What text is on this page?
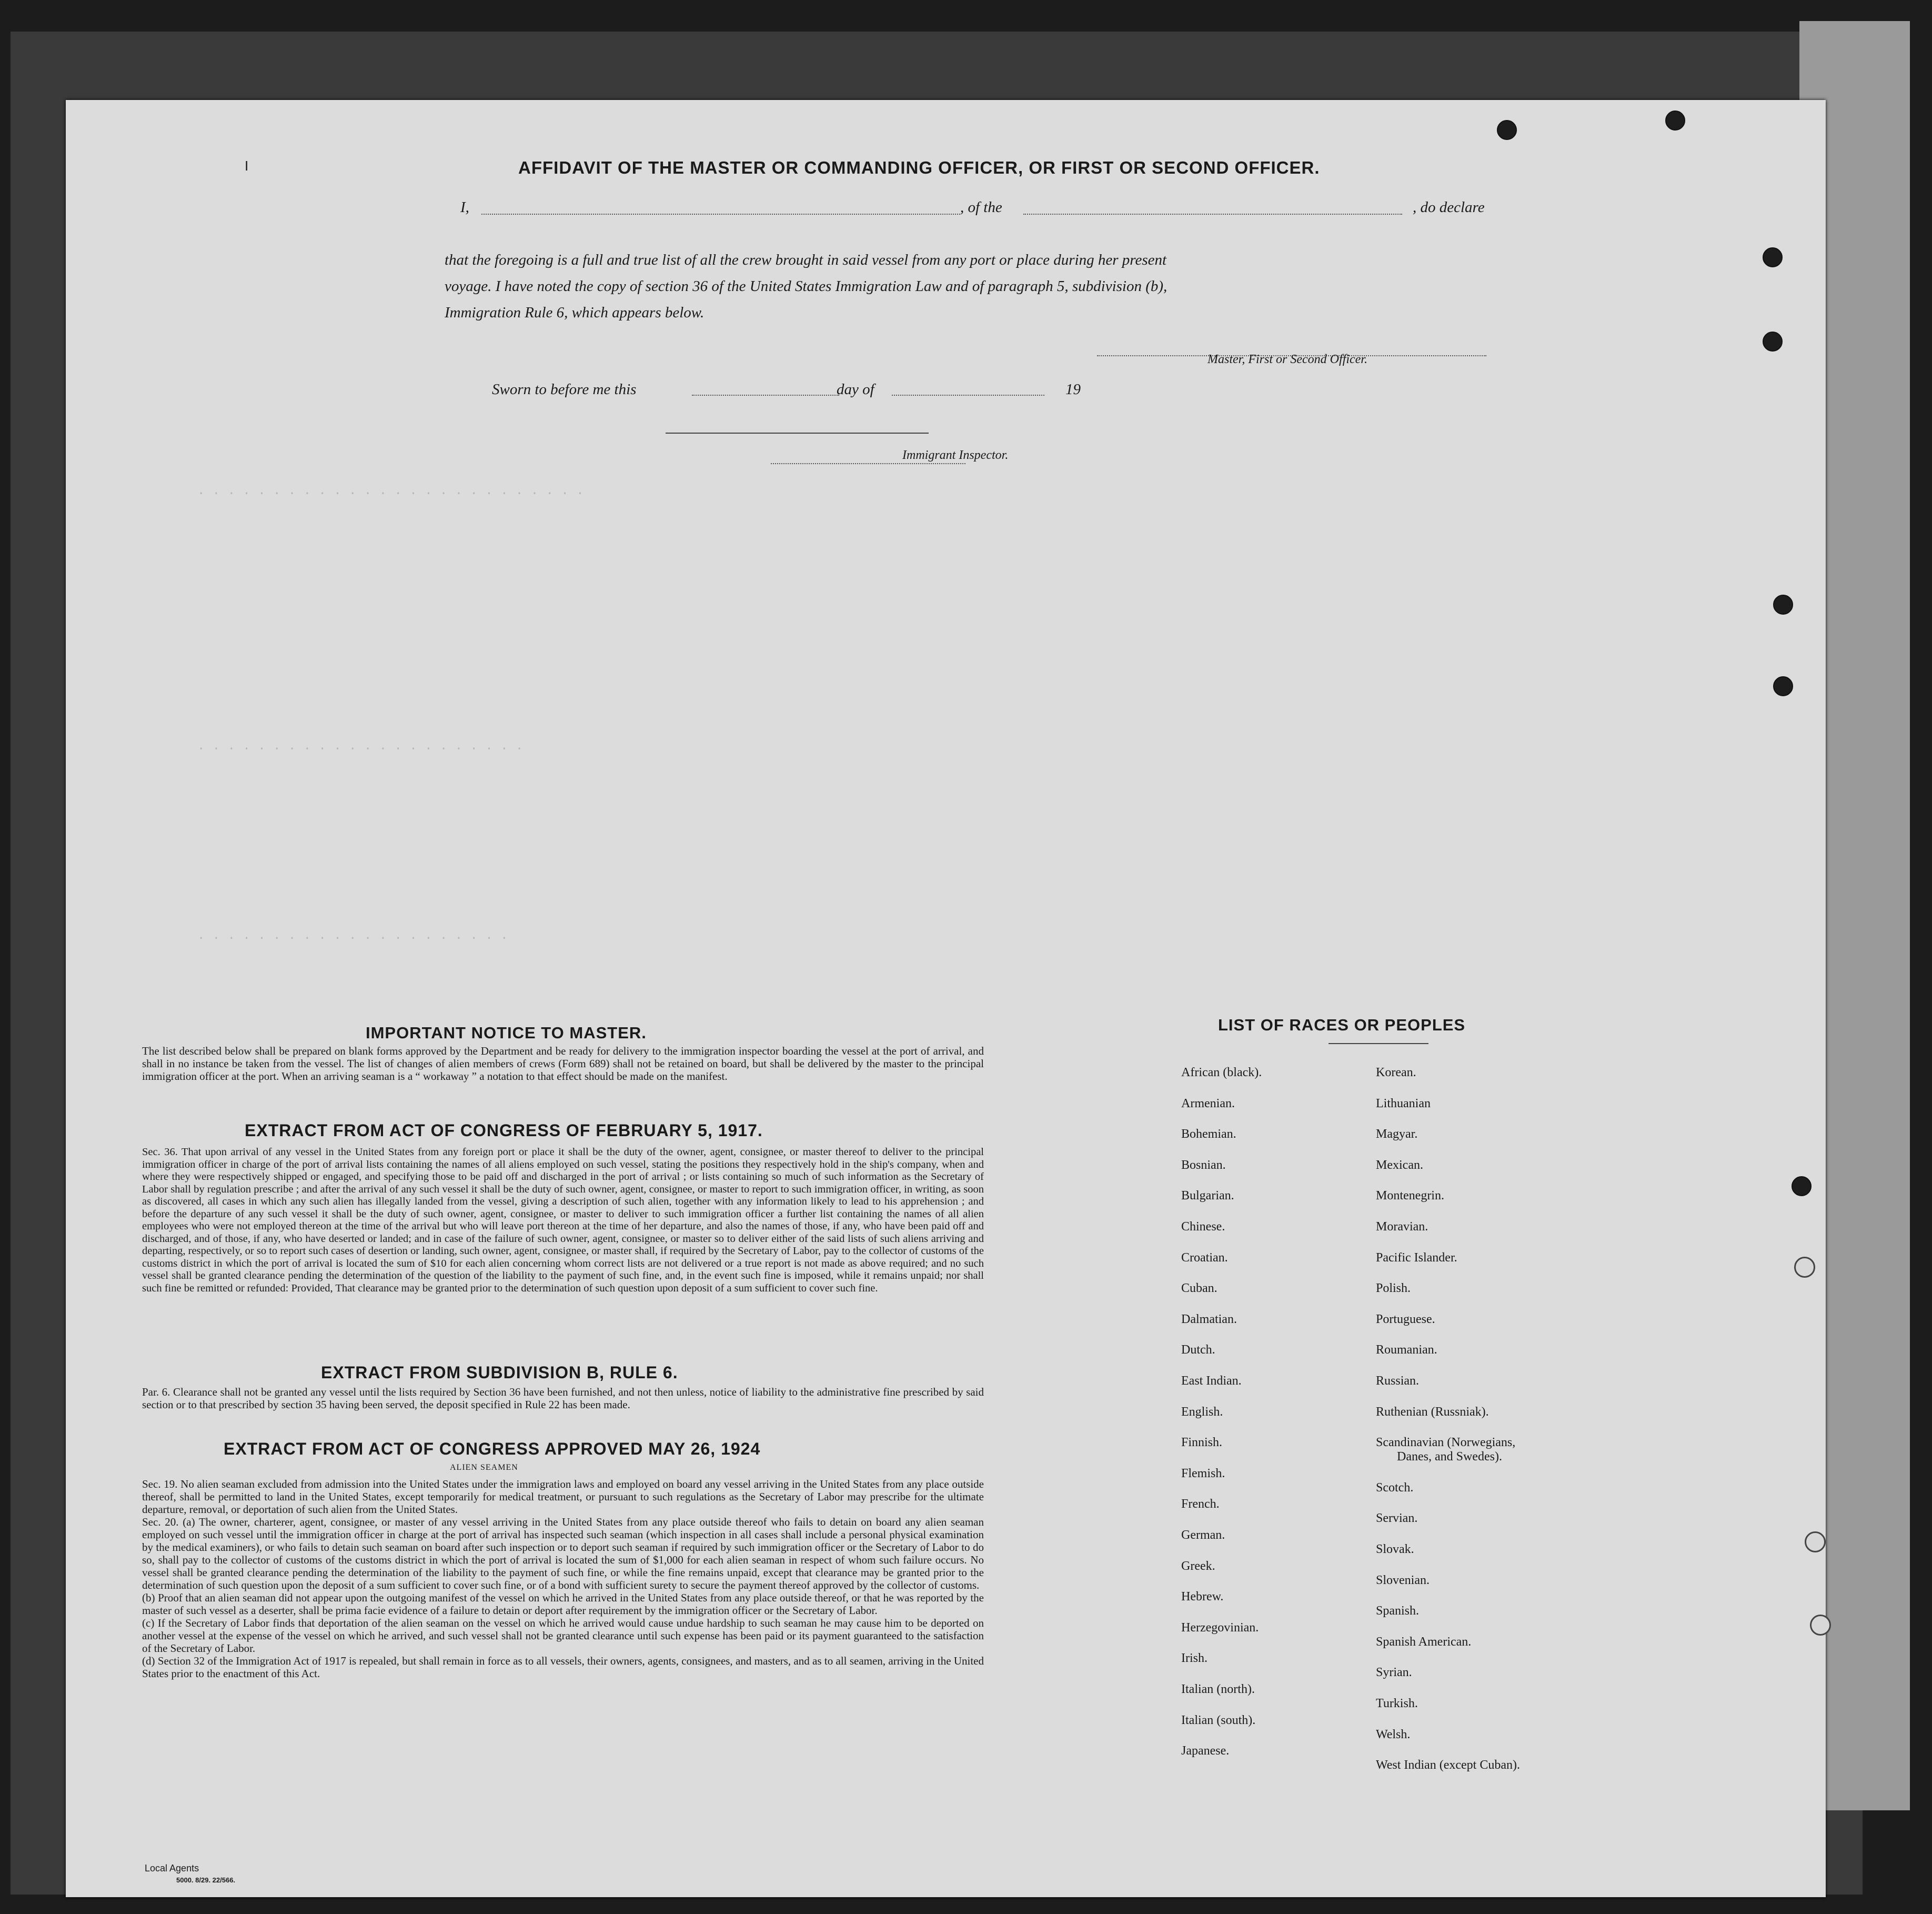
· · · · · · · · · · · · · · · · · · · · · · · · · ·
· · · · · · · · · · · · · · · · · · · · · ·
· · · · · · · · · · · · · · · · · · · · ·
I	AFFIDAVIT OF THE MASTER OR COMMANDING OFFICER, OR FIRST OR SECOND OFFICER.
I,	, of the	, do declare
that the foregoing is a full and true list of all the crew brought in said vessel from any port or place during her present
voyage. I have noted the copy of section 36 of the United States Immigration Law and of paragraph 5, subdivision (b),
Immigration Rule 6, which appears below.
Master, First or Second Officer.
Sworn to before me this	day of	19
Immigrant Inspector.
IMPORTANT NOTICE TO MASTER.
The list described below shall be prepared on blank forms approved by the Department and be ready for delivery to the immigration inspector boarding the vessel at the port of arrival, and shall in no instance be taken from the vessel. The list of changes of alien members of crews (Form 689) shall not be retained on board, but shall be delivered by the master to the principal immigration officer at the port. When an arriving seaman is a “ workaway ” a notation to that effect should be made on the manifest.
EXTRACT FROM ACT OF CONGRESS OF FEBRUARY 5, 1917.
Sec. 36. That upon arrival of any vessel in the United States from any foreign port or place it shall be the duty of the owner, agent, consignee, or master thereof to deliver to the principal immigration officer in charge of the port of arrival lists containing the names of all aliens employed on such vessel, stating the positions they respectively hold in the ship's company, when and where they were respectively shipped or engaged, and specifying those to be paid off and discharged in the port of arrival ; or lists containing so much of such information as the Secretary of Labor shall by regulation prescribe ; and after the arrival of any such vessel it shall be the duty of such owner, agent, consignee, or master to report to such immigration officer, in writing, as soon as discovered, all cases in which any such alien has illegally landed from the vessel, giving a description of such alien, together with any information likely to lead to his apprehension ; and before the departure of any such vessel it shall be the duty of such owner, agent, consignee, or master to deliver to such immigration officer a further list containing the names of all alien employees who were not employed thereon at the time of the arrival but who will leave port thereon at the time of her departure, and also the names of those, if any, who have been paid off and discharged, and of those, if any, who have deserted or landed; and in case of the failure of such owner, agent, consignee, or master so to deliver either of the said lists of such aliens arriving and departing, respectively, or so to report such cases of desertion or landing, such owner, agent, consignee, or master shall, if required by the Secretary of Labor, pay to the collector of customs of the customs district in which the port of arrival is located the sum of $10 for each alien concerning whom correct lists are not delivered or a true report is not made as above required; and no such vessel shall be granted clearance pending the determination of the question of the liability to the payment of such fine, and, in the event such fine is imposed, while it remains unpaid; nor shall such fine be remitted or refunded: Provided, That clearance may be granted prior to the determination of such question upon deposit of a sum sufficient to cover such fine.
EXTRACT FROM SUBDIVISION B, RULE 6.
Par. 6. Clearance shall not be granted any vessel until the lists required by Section 36 have been furnished, and not then unless, notice of liability to the administrative fine prescribed by said section or to that prescribed by section 35 having been served, the deposit specified in Rule 22 has been made.
EXTRACT FROM ACT OF CONGRESS APPROVED MAY 26, 1924
ALIEN SEAMEN
Sec. 19. No alien seaman excluded from admission into the United States under the immigration laws and employed on board any vessel arriving in the United States from any place outside thereof, shall be permitted to land in the United States, except temporarily for medical treatment, or pursuant to such regulations as the Secretary of Labor may prescribe for the ultimate departure, removal, or deportation of such alien from the United States.
Sec. 20. (a) The owner, charterer, agent, consignee, or master of any vessel arriving in the United States from any place outside thereof who fails to detain on board any alien seaman employed on such vessel until the immigration officer in charge at the port of arrival has inspected such seaman (which inspection in all cases shall include a personal physical examination by the medical examiners), or who fails to detain such seaman on board after such inspection or to deport such seaman if required by such immigration officer or the Secretary of Labor to do so, shall pay to the collector of customs of the customs district in which the port of arrival is located the sum of $1,000 for each alien seaman in respect of whom such failure occurs. No vessel shall be granted clearance pending the determination of the liability to the payment of such fine, or while the fine remains unpaid, except that clearance may be granted prior to the determination of such question upon the deposit of a sum sufficient to cover such fine, or of a bond with sufficient surety to secure the payment thereof approved by the collector of customs.
(b) Proof that an alien seaman did not appear upon the outgoing manifest of the vessel on which he arrived in the United States from any place outside thereof, or that he was reported by the master of such vessel as a deserter, shall be prima facie evidence of a failure to detain or deport after requirement by the immigration officer or the Secretary of Labor.
(c) If the Secretary of Labor finds that deportation of the alien seaman on the vessel on which he arrived would cause undue hardship to such seaman he may cause him to be deported on another vessel at the expense of the vessel on which he arrived, and such vessel shall not be granted clearance until such expense has been paid or its payment guaranteed to the satisfaction of the Secretary of Labor.
(d) Section 32 of the Immigration Act of 1917 is repealed, but shall remain in force as to all vessels, their owners, agents, consignees, and masters, and as to all seamen, arriving in the United States prior to the enactment of this Act.
LIST OF RACES OR PEOPLES
African (black).
Armenian.
Bohemian.
Bosnian.
Bulgarian.
Chinese.
Croatian.
Cuban.
Dalmatian.
Dutch.
East Indian.
English.
Finnish.
Flemish.
French.
German.
Greek.
Hebrew.
Herzegovinian.
Irish.
Italian (north).
Italian (south).
Japanese.
Korean.
Lithuanian
Magyar.
Mexican.
Montenegrin.
Moravian.
Pacific Islander.
Polish.
Portuguese.
Roumanian.
Russian.
Ruthenian (Russniak).
Scandinavian (Norwegians,
Danes, and Swedes).
Scotch.
Servian.
Slovak.
Slovenian.
Spanish.
Spanish American.
Syrian.
Turkish.
Welsh.
West Indian (except Cuban).
Local Agents
5000. 8/29. 22/566.
